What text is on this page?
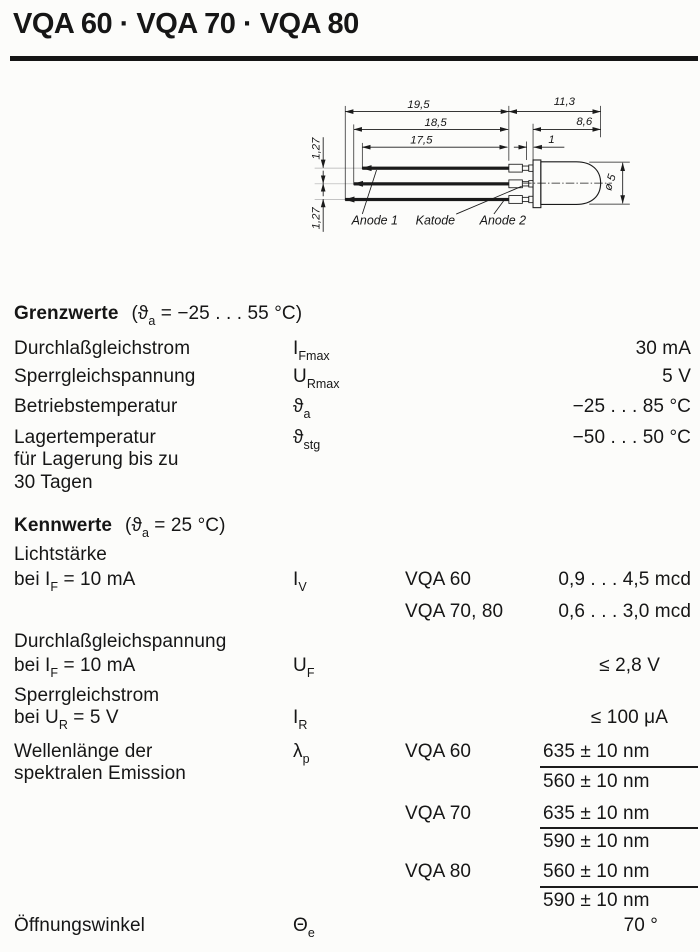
VQA 60 · VQA 70 · VQA 80
19,5
18,5
17,5
11,3
8,6
1
1,27
1,27
ø 5
Anode 1 Katode Anode 2
Grenzwerte ($ϑ_a = -25$ . . . 55 °C)
Durchlaßgleichstrom	$I_{Fmax}$	30 mA
Sperrgleichspannung	$U_{Rmax}$	5 V
Betriebstemperatur	$ϑ_a$	−25 . . . 85 °C
Lagertemperatur	$ϑ_{stg}$	−50 . . . 50 °C
für Lagerung bis zu
30 Tagen
Kennwerte ($ϑ_a = 25$ °C)
Lichtstärke
bei $I_F = 10$ mA	$I_V$	VQA 60	0,9 . . . 4,5 mcd
VQA 70, 80	0,6 . . . 3,0 mcd
Durchlaßgleichspannung
bei $I_F = 10$ mA	$U_F$	≤ 2,8 V
Sperrgleichstrom
bei $U_R = 5$ V	$I_R$	≤ 100 μA
Wellenlänge der
spektralen Emission
$\lambda_p$	VQA 60	635 ± 10 nm
560 ± 10 nm
VQA 70	635 ± 10 nm
590 ± 10 nm
VQA 80	560 ± 10 nm
590 ± 10 nm
Öffnungswinkel	$\Theta_e$	70 °
